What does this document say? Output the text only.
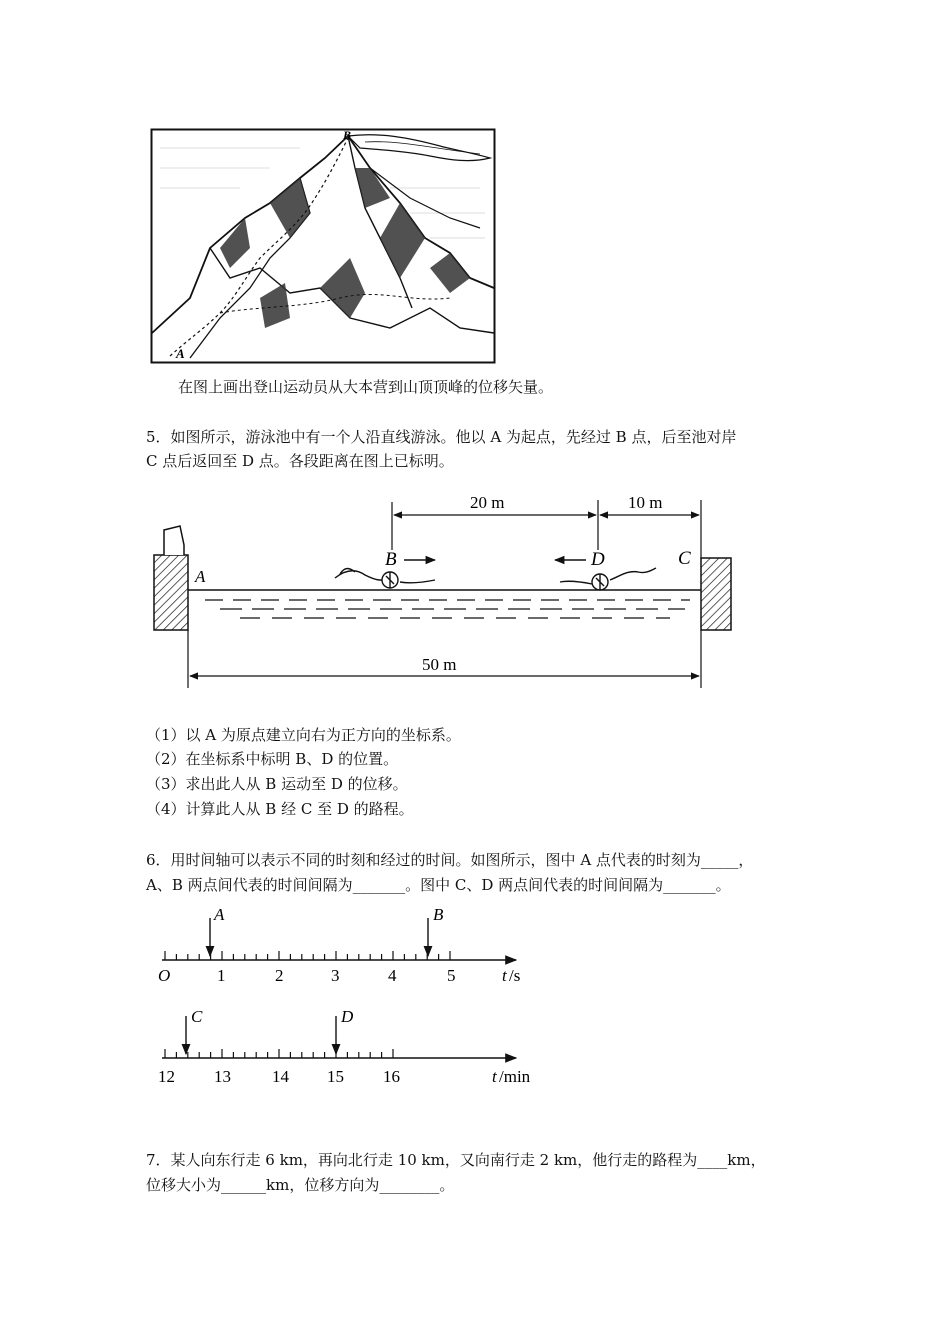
B
A
在图上画出登山运动员从大本营到山顶顶峰的位移矢量。
5．如图所示，游泳池中有一个人沿直线游泳。他以 A 为起点，先经过 B 点，后至池对岸
C 点后返回至 D 点。各段距离在图上已标明。
A
B	D	C
20 m	10 m
50 m
（1）以 A 为原点建立向右为正方向的坐标系。
（2）在坐标系中标明 B、D 的位置。
（3）求出此人从 B 运动至 D 的位移。
（4）计算此人从 B 经 C 至 D 的路程。
6．用时间轴可以表示不同的时刻和经过的时间。如图所示，图中 A 点代表的时刻为_____，
A、B 两点间代表的时间间隔为_______。图中 C、D 两点间代表的时间间隔为_______。
O	1	2	3	4	5	t /s
A	B
12 13 14 15 16	t /min
C	D
7．某人向东行走 6 km，再向北行走 10 km，又向南行走 2 km，他行走的路程为____km，
位移大小为______km，位移方向为________。
